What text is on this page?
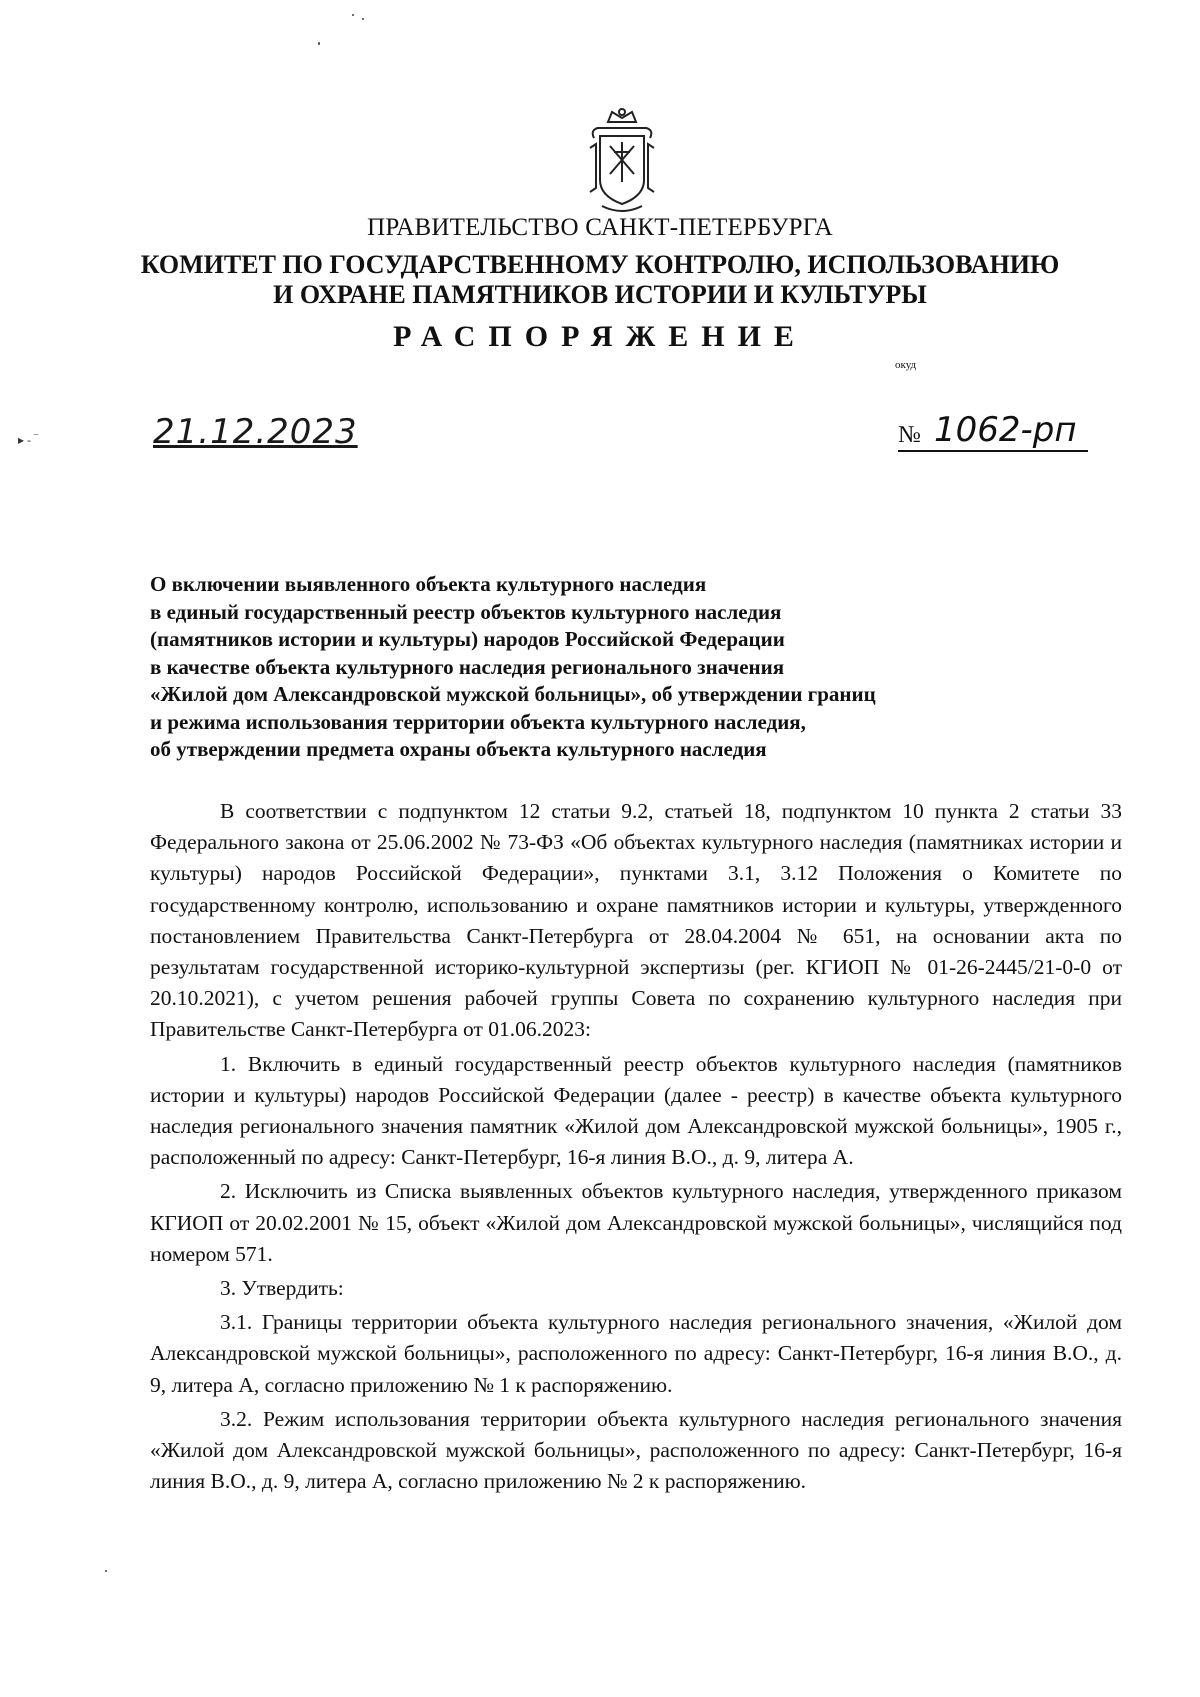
ПРАВИТЕЛЬСТВО САНКТ-ПЕТЕРБУРГА
КОМИТЕТ ПО ГОСУДАРСТВЕННОМУ КОНТРОЛЮ, ИСПОЛЬЗОВАНИЮ
И ОХРАНЕ ПАМЯТНИКОВ ИСТОРИИ И КУЛЬТУРЫ
РАСПОРЯЖЕНИЕ
окуд
▸ - ‾	21.12.2023	№ 1062-рп
О включении выявленного объекта культурного наследия
в единый государственный реестр объектов культурного наследия
(памятников истории и культуры) народов Российской Федерации
в качестве объекта культурного наследия регионального значения
«Жилой дом Александровской мужской больницы», об утверждении границ
и режима использования территории объекта культурного наследия,
об утверждении предмета охраны объекта культурного наследия

В соответствии с подпунктом 12 статьи 9.2, статьей 18, подпунктом 10 пункта 2 статьи 33 Федерального закона от 25.06.2002 № 73-ФЗ «Об объектах культурного наследия (памятниках истории и культуры) народов Российской Федерации», пунктами 3.1, 3.12 Положения о Комитете по государственному контролю, использованию и охране памятников истории и культуры, утвержденного постановлением Правительства Санкт-Петербурга от 28.04.2004 № 651, на основании акта по результатам государственной историко-культурной экспертизы (рег. КГИОП № 01-26-2445/21-0-0 от 20.10.2021), с учетом решения рабочей группы Совета по сохранению культурного наследия при Правительстве Санкт-Петербурга от 01.06.2023:

1. Включить в единый государственный реестр объектов культурного наследия (памятников истории и культуры) народов Российской Федерации (далее - реестр) в качестве объекта культурного наследия регионального значения памятник «Жилой дом Александровской мужской больницы», 1905 г., расположенный по адресу: Санкт-Петербург, 16-я линия В.О., д. 9, литера А.

2. Исключить из Списка выявленных объектов культурного наследия, утвержденного приказом КГИОП от 20.02.2001 № 15, объект «Жилой дом Александровской мужской больницы», числящийся под номером 571.

3. Утвердить:

3.1. Границы территории объекта культурного наследия регионального значения, «Жилой дом Александровской мужской больницы», расположенного по адресу: Санкт-Петербург, 16-я линия В.О., д. 9, литера А, согласно приложению № 1 к распоряжению.

3.2. Режим использования территории объекта культурного наследия регионального значения «Жилой дом Александровской мужской больницы», расположенного по адресу: Санкт-Петербург, 16-я линия В.О., д. 9, литера А, согласно приложению № 2 к распоряжению.
